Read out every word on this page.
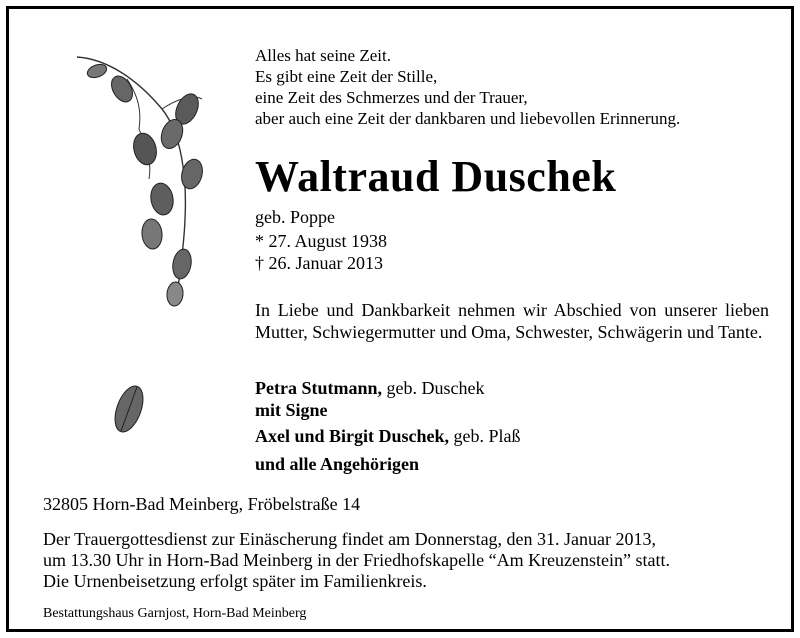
Alles hat seine Zeit.
Es gibt eine Zeit der Stille,
eine Zeit des Schmerzes und der Trauer,
aber auch eine Zeit der dankbaren und liebevollen Erinnerung.
Waltraud Duschek
geb. Poppe
* 27. August 1938
† 26. Januar 2013
In Liebe und Dankbarkeit nehmen wir Abschied von unserer lieben Mutter, Schwiegermutter und Oma, Schwester, Schwägerin und Tante.
Petra Stutmann, geb. Duschek
mit Signe
Axel und Birgit Duschek, geb. Plaß
und alle Angehörigen
32805 Horn-Bad Meinberg, Fröbelstraße 14
Der Trauergottesdienst zur Einäscherung findet am Donnerstag, den 31. Januar 2013,
um 13.30 Uhr in Horn-Bad Meinberg in der Friedhofskapelle “Am Kreuzenstein” statt.
Die Urnenbeisetzung erfolgt später im Familienkreis.
Bestattungshaus Garnjost, Horn-Bad Meinberg
